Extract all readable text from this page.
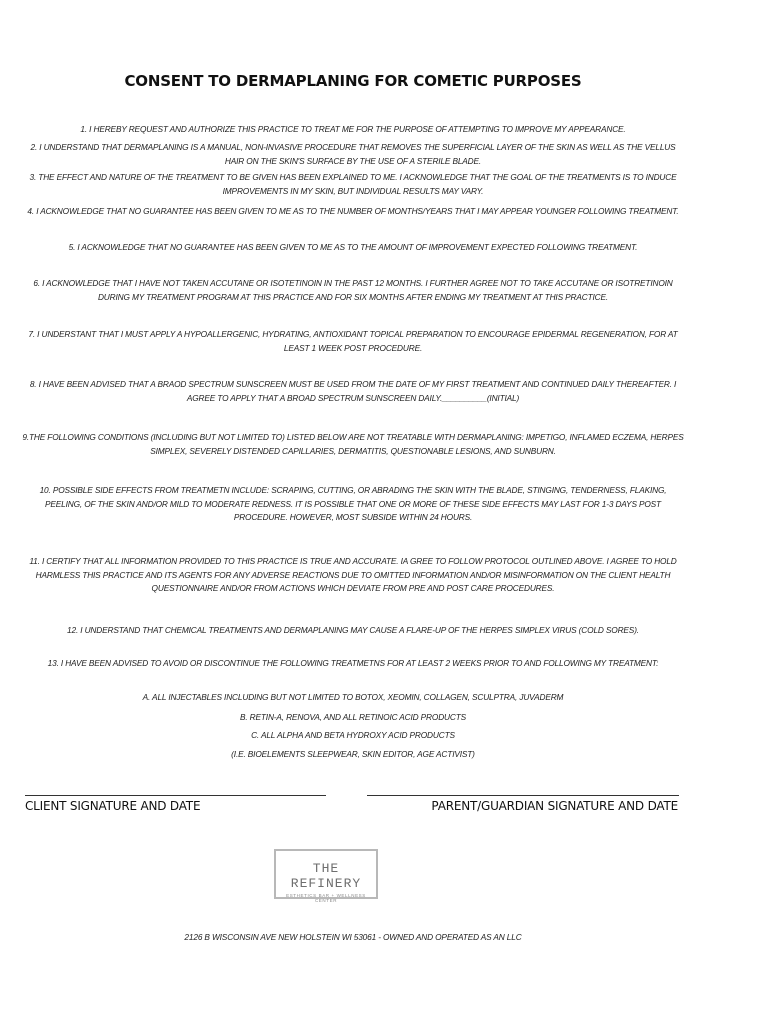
CONSENT TO DERMAPLANING FOR COMETIC PURPOSES
1. I HEREBY REQUEST AND AUTHORIZE THIS PRACTICE TO TREAT ME FOR THE PURPOSE OF ATTEMPTING TO IMPROVE MY APPEARANCE.
2. I UNDERSTAND THAT DERMAPLANING IS A MANUAL, NON-INVASIVE PROCEDURE THAT REMOVES THE SUPERFICIAL LAYER OF THE SKIN AS WELL AS THE VELLUS HAIR ON THE SKIN'S SURFACE BY THE USE OF A STERILE BLADE.
3. THE EFFECT AND NATURE OF THE TREATMENT TO BE GIVEN HAS BEEN EXPLAINED TO ME. I ACKNOWLEDGE THAT THE GOAL OF THE TREATMENTS IS TO INDUCE IMPROVEMENTS IN MY SKIN, BUT INDIVIDUAL RESULTS MAY VARY.
4. I ACKNOWLEDGE THAT NO GUARANTEE HAS BEEN GIVEN TO ME AS TO THE NUMBER OF MONTHS/YEARS THAT I MAY APPEAR YOUNGER FOLLOWING TREATMENT.
5. I ACKNOWLEDGE THAT NO GUARANTEE HAS BEEN GIVEN TO ME AS TO THE AMOUNT OF IMPROVEMENT EXPECTED FOLLOWING TREATMENT.
6. I ACKNOWLEDGE THAT I HAVE NOT TAKEN ACCUTANE OR ISOTETINOIN IN THE PAST 12 MONTHS. I FURTHER AGREE NOT TO TAKE ACCUTANE OR ISOTRETINOIN DURING MY TREATMENT PROGRAM AT THIS PRACTICE AND FOR SIX MONTHS AFTER ENDING MY TREATMENT AT THIS PRACTICE.
7. I UNDERSTANT THAT I MUST APPLY A HYPOALLERGENIC, HYDRATING, ANTIOXIDANT TOPICAL PREPARATION TO ENCOURAGE EPIDERMAL REGENERATION, FOR AT LEAST 1 WEEK POST PROCEDURE.
8. I HAVE BEEN ADVISED THAT A BRAOD SPECTRUM SUNSCREEN MUST BE USED FROM THE DATE OF MY FIRST TREATMENT AND CONTINUED DAILY THEREAFTER. I AGREE TO APPLY THAT A BROAD SPECTRUM SUNSCREEN DAILY.__________(INITIAL)
9.THE FOLLOWING CONDITIONS (INCLUDING BUT NOT LIMITED TO) LISTED BELOW ARE NOT TREATABLE WITH DERMAPLANING: IMPETIGO, INFLAMED ECZEMA, HERPES SIMPLEX, SEVERELY DISTENDED CAPILLARIES, DERMATITIS, QUESTIONABLE LESIONS, AND SUNBURN.
10. POSSIBLE SIDE EFFECTS FROM TREATMETN INCLUDE: SCRAPING, CUTTING, OR ABRADING THE SKIN WITH THE BLADE, STINGING, TENDERNESS, FLAKING, PEELING, OF THE SKIN AND/OR MILD TO MODERATE REDNESS. IT IS POSSIBLE THAT ONE OR MORE OF THESE SIDE EFFECTS MAY LAST FOR 1-3 DAYS POST PROCEDURE. HOWEVER, MOST SUBSIDE WITHIN 24 HOURS.
11. I CERTIFY THAT ALL INFORMATION PROVIDED TO THIS PRACTICE IS TRUE AND ACCURATE. IA GREE TO FOLLOW PROTOCOL OUTLINED ABOVE. I AGREE TO HOLD HARMLESS THIS PRACTICE AND ITS AGENTS FOR ANY ADVERSE REACTIONS DUE TO OMITTED INFORMATION AND/OR MISINFORMATION ON THE CLIENT HEALTH QUESTIONNAIRE AND/OR FROM ACTIONS WHICH DEVIATE FROM PRE AND POST CARE PROCEDURES.
12. I UNDERSTAND THAT CHEMICAL TREATMENTS AND DERMAPLANING MAY CAUSE A FLARE-UP OF THE HERPES SIMPLEX VIRUS (COLD SORES).
13. I HAVE BEEN ADVISED TO AVOID OR DISCONTINUE THE FOLLOWING TREATMETNS FOR AT LEAST 2 WEEKS PRIOR TO AND FOLLOWING MY TREATMENT:
A. ALL INJECTABLES INCLUDING BUT NOT LIMITED TO BOTOX, XEOMIN, COLLAGEN, SCULPTRA, JUVADERM
B. RETIN-A, RENOVA, AND ALL RETINOIC ACID PRODUCTS
C. ALL ALPHA AND BETA HYDROXY ACID PRODUCTS
(I.E. BIOELEMENTS SLEEPWEAR, SKIN EDITOR, AGE ACTIVIST)
CLIENT SIGNATURE AND DATE	PARENT/GUARDIAN SIGNATURE AND DATE
THE REFINERY
ESTHETICS BAR + WELLNESS CENTER
2126 B WISCONSIN AVE NEW HOLSTEIN WI 53061 - OWNED AND OPERATED AS AN LLC
